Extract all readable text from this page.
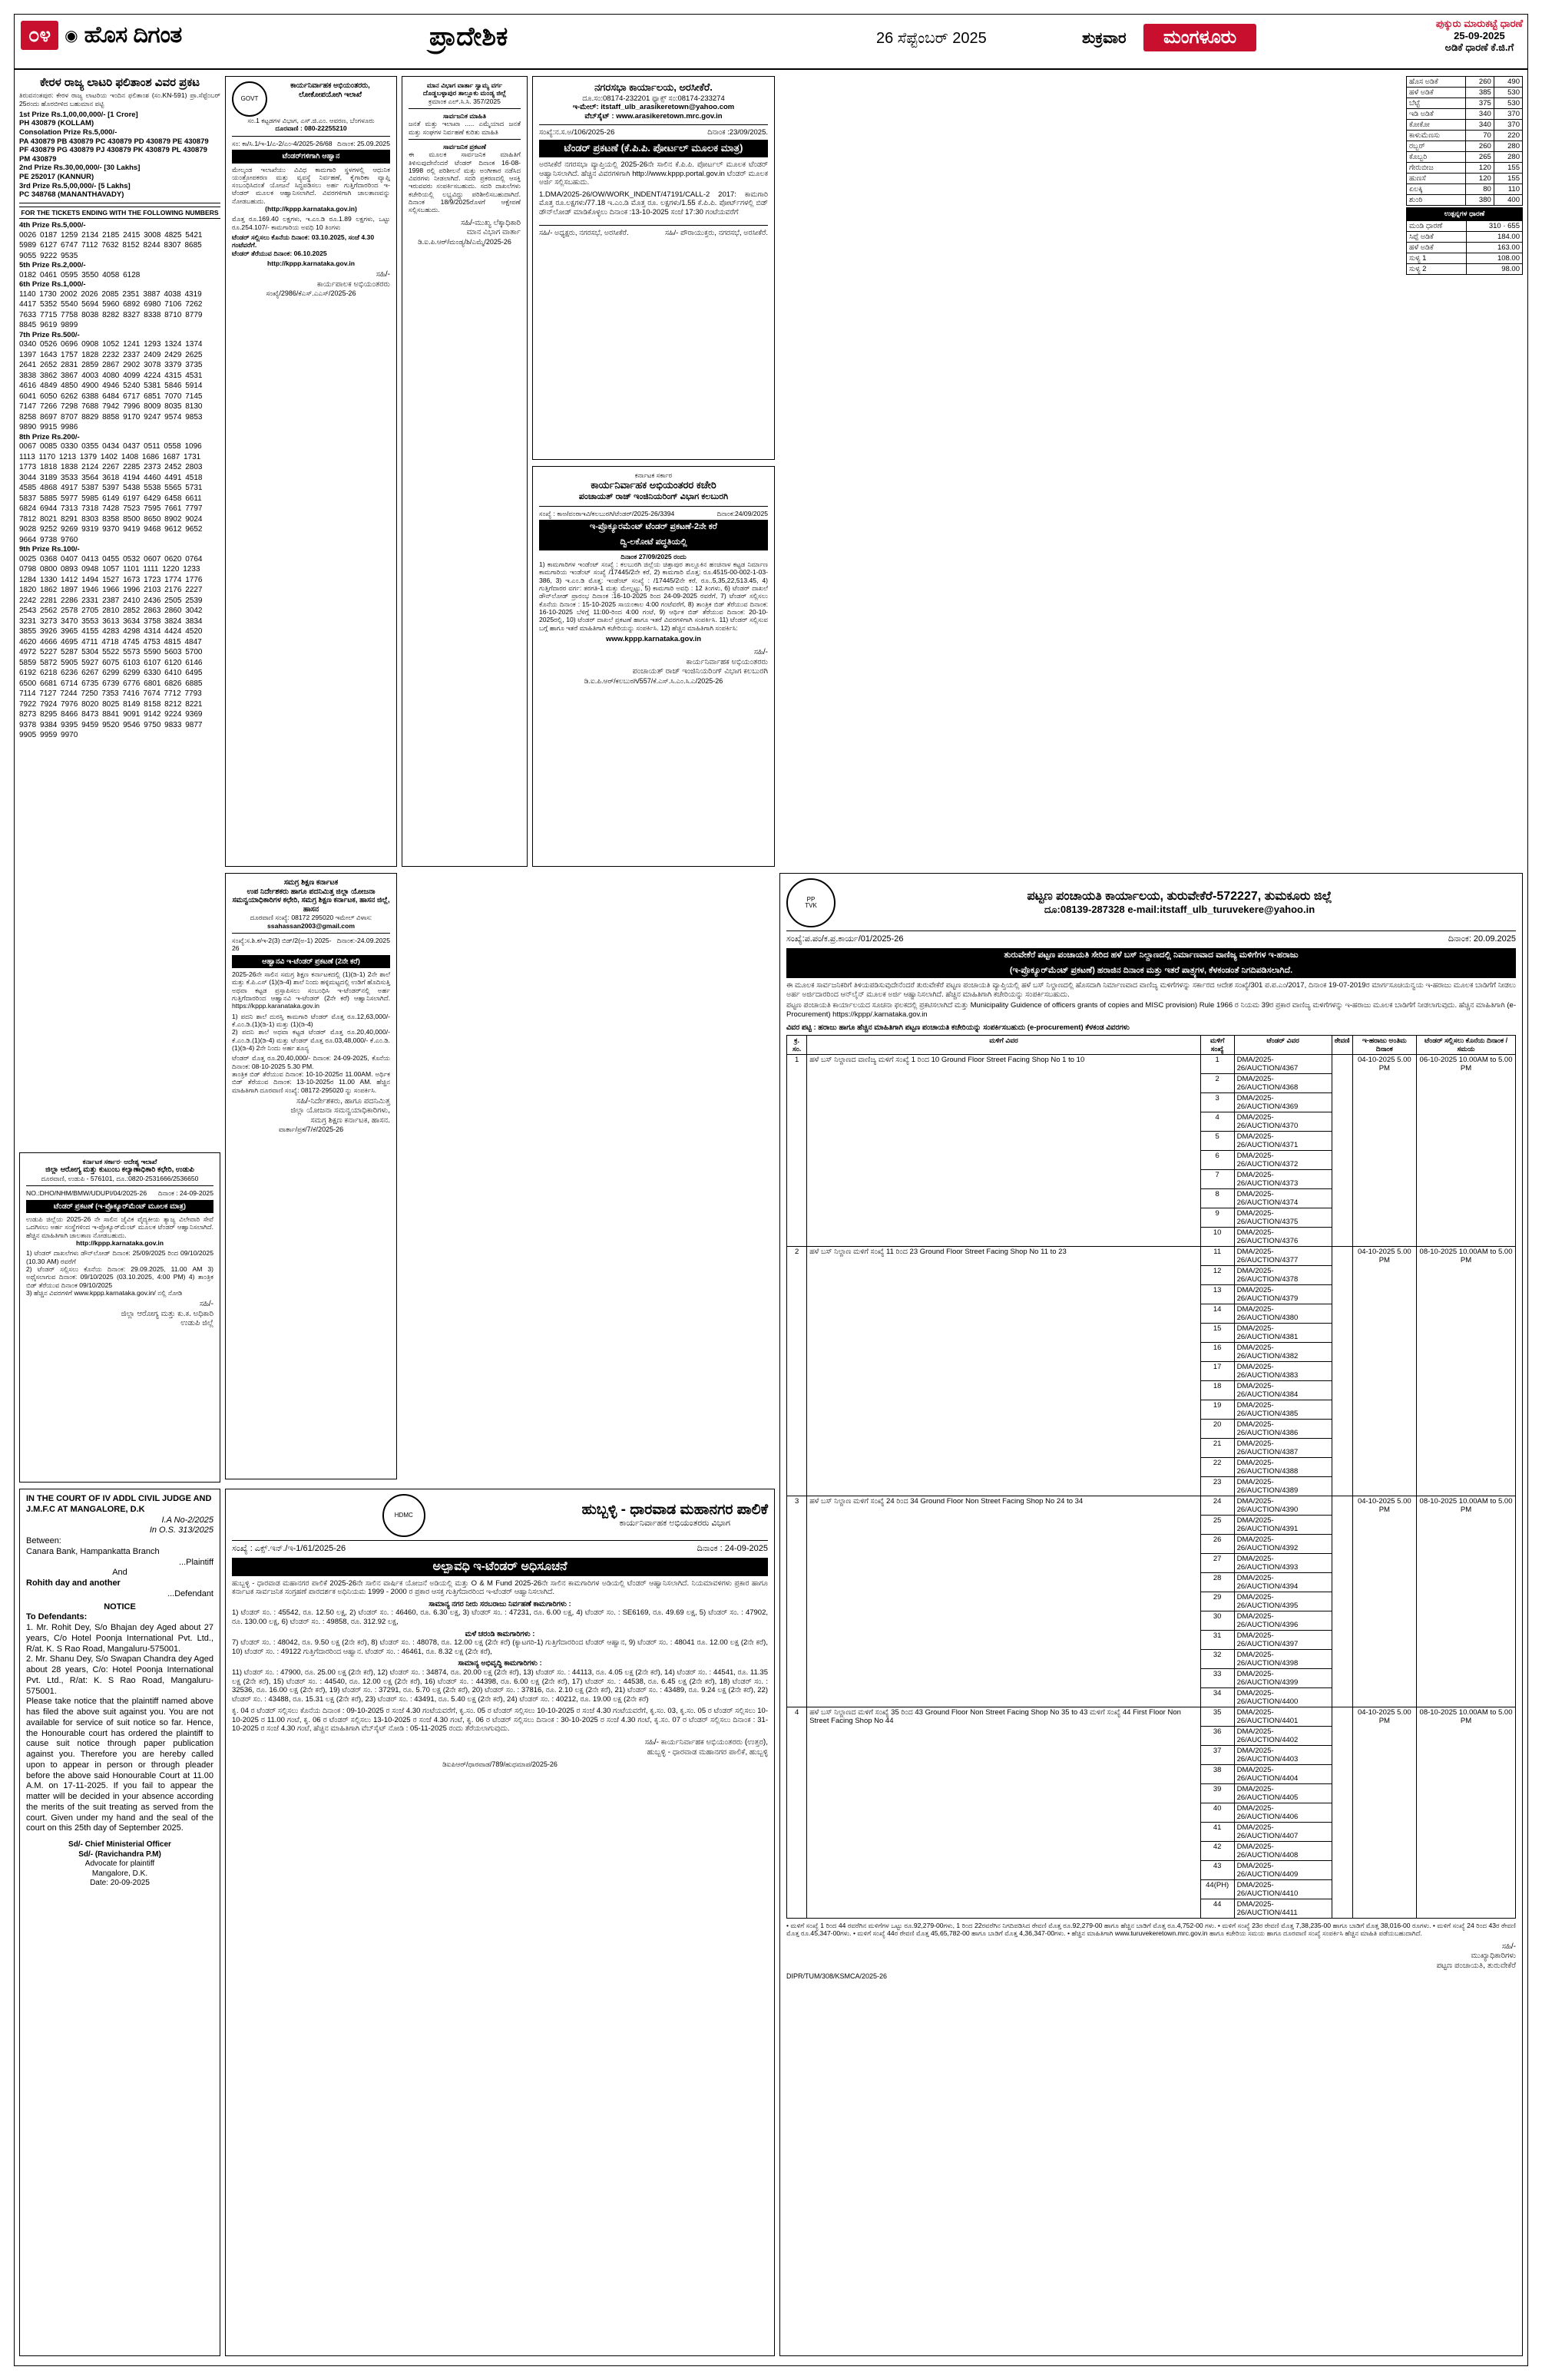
೦೪ ◉ ಹೊಸ ದಿಗಂತ	ಪ್ರಾದೇಶಿಕ	26 ಸೆಪ್ಟೆಂಬರ್ 2025	ಶುಕ್ರವಾರ	ಮಂಗಳೂರು
ಪುಕ್ಕುರು ಮಾರುಕಟ್ಟೆ ಧಾರಣೆ
25-09-2025
ಅಡಿಕೆ ಧಾರಣೆ ಕೆ.ಜಿ.ಗೆ
ಹೊಸ ಅಡಿಕೆ	260	490
ಹಳೆ ಅಡಿಕೆ	385	530
ಬೆಟ್ಟೆ	375	530
ಇಡಿ ಅಡಿಕೆ	340	370
ಕೋಕೋ	340	370
ಕಾಳುಮೆಣಸು	70	220
ರಬ್ಬರ್	260	280
ಕೊಬ್ಬರಿ	265	280
ಗೇರುಬೀಜ	120	155
ಹುಣಸೆ	120	155
ಏಲಕ್ಕಿ	80	110
ಶುಂಠಿ	380	400
ಉತ್ಪನ್ನಗಳ ಧಾರಣೆ
ಮಂಡಿ ಧಾರಣೆ	310 · 655
ಸಿಪ್ಪೆ ಅಡಿಕೆ	184.00
ಹಳೆ ಅಡಿಕೆ	163.00
ಸುಳ್ಯ 1	108.00
ಸುಳ್ಯ 2	98.00
ಕೇರಳ ರಾಜ್ಯ ಲಾಟರಿ ಫಲಿತಾಂಶ ವಿವರ ಪ್ರಕಟ
ತಿರುವನಂತಪುರ: ಕೇರಳ ರಾಜ್ಯ ಲಾಟರಿಯ ಇಂದಿನ ಫಲಿತಾಂಶ (ಸಂ.KN-591) ಪ್ರಾ.ಸೆಪ್ಟೆಂಬರ್ 25ರಂದು ಹೊರಬೀಳಿದ ಬಹುಮಾನ ಪಟ್ಟಿ
1st Prize Rs.1,00,00,000/- [1 Crore]
PH 430879 (KOLLAM)
Consolation Prize Rs.5,000/-
PA 430879 PB 430879 PC 430879 PD 430879 PE 430879
PF 430879 PG 430879 PJ 430879 PK 430879 PL 430879
PM 430879
2nd Prize Rs.30,00,000/- [30 Lakhs]
PE 252017 (KANNUR)
3rd Prize Rs.5,00,000/- [5 Lakhs]
PC 348768 (MANANTHAVADY)
FOR THE TICKETS ENDING WITH THE FOLLOWING NUMBERS
4th Prize Rs.5,000/-
0026 0187 1259 2134 2185 2415 3008 4825 5421 5989 6127 6747 7112 7632 8152 8244 8307 8685 9055 9222 9535
5th Prize Rs.2,000/-
0182 0461 0595 3550 4058 6128
6th Prize Rs.1,000/-
1140 1730 2002 2026 2085 2351 3887 4038 4319 4417 5352 5540 5694 5960 6892 6980 7106 7262 7633 7715 7758 8038 8282 8327 8338 8710 8779 8845 9619 9899
7th Prize Rs.500/-
0340 0526 0696 0908 1052 1241 1293 1324 1374 1397 1643 1757 1828 2232 2337 2409 2429 2625 2641 2652 2831 2859 2867 2902 3078 3379 3735 3838 3862 3867 4003 4080 4099 4224 4315 4531 4616 4849 4850 4900 4946 5240 5381 5846 5914 6041 6050 6262 6388 6484 6717 6851 7070 7145 7147 7266 7298 7688 7942 7996 8009 8035 8130 8258 8697 8707 8829 8858 9170 9247 9574 9853 9890 9915 9986
8th Prize Rs.200/-
0067 0085 0330 0355 0434 0437 0511 0558 1096 1113 1170 1213 1379 1402 1408 1686 1687 1731 1773 1818 1838 2124 2267 2285 2373 2452 2803 3044 3189 3533 3564 3618 4194 4460 4491 4518 4585 4868 4917 5387 5397 5438 5538 5565 5731 5837 5885 5977 5985 6149 6197 6429 6458 6611 6824 6944 7313 7318 7428 7523 7595 7661 7797 7812 8021 8291 8303 8358 8500 8650 8902 9024 9028 9252 9269 9319 9370 9419 9468 9612 9652 9664 9738 9760
9th Prize Rs.100/-
0025 0368 0407 0413 0455 0532 0607 0620 0764 0798 0800 0893 0948 1057 1101 1111 1220 1233 1284 1330 1412 1494 1527 1673 1723 1774 1776 1820 1862 1897 1946 1966 1996 2103 2176 2227 2242 2281 2286 2331 2387 2410 2436 2505 2539 2543 2562 2578 2705 2810 2852 2863 2860 3042 3231 3273 3470 3553 3613 3634 3758 3824 3834 3855 3926 3965 4155 4283 4298 4314 4424 4520 4620 4666 4695 4711 4718 4745 4753 4815 4847 4972 5227 5287 5304 5522 5573 5590 5603 5700 5859 5872 5905 5927 6075 6103 6107 6120 6146 6192 6218 6236 6267 6299 6299 6330 6410 6495 6500 6681 6714 6735 6739 6776 6801 6826 6885 7114 7127 7244 7250 7353 7416 7674 7712 7793 7922 7924 7976 8020 8025 8149 8158 8212 8221 8273 8295 8466 8473 8841 9091 9142 9224 9369 9378 9384 9395 9459 9520 9546 9750 9833 9877 9905 9959 9970
ಕರ್ನಾಟಕ ಸರ್ಕಾರ· ಆದೇಶ್ಯ ಇಲಾಖೆ
ಜಿಲ್ಲಾ ಆರೋಗ್ಯ ಮತ್ತು ಕುಟುಂಬ ಕಲ್ಯಾಣಾಧಿಕಾರಿ ಕಛೇರಿ, ಉಡುಪಿ
ದೂರವಾಣಿ, ಉಡುಪಿ - 576101, ದೂ.:0820-2531666/2536650
NO.:DHO/NHM/BMW/UDUPI/04/2025-26 ದಿನಾಂಕ : 24-09-2025
ಟೆಂಡರ್ ಪ್ರಕಟಣೆ (ಇ-ಪ್ರೊಕ್ಯೂರ್‌ಮೆಂಟ್ ಮೂಲಕ ಮಾತ್ರ)
ಉಡುಪಿ ಜಿಲ್ಲೆಯ 2025-26 ನೇ ಸಾಲಿನ ಜೈವಿಕ ವೈದ್ಯಕೀಯ ತ್ಯಾಜ್ಯ ವಿಲೇವಾರಿ ಸೇವೆ ಒದಗಿಸಲು ಅರ್ಹ ಸಂಸ್ಥೆಗಳಿಂದ ಇ-ಪ್ರೊಕ್ಯೂರ್‌ಮೆಂಟ್ ಮೂಲಕ ಟೆಂಡರ್ ಆಹ್ವಾನಿಸಲಾಗಿದೆ. ಹೆಚ್ಚಿನ ಮಾಹಿತಿಗಾಗಿ ಜಾಲತಾಣ ನೋಡಬಹುದು.
http://kppp.karnataka.gov.in
1) ಟೆಂಡರ್ ದಾಖಲೆಗಳು ಡೌನ್‌ಲೋಡ್ ದಿನಾಂಕ: 25/09/2025 ರಿಂದ 09/10/2025 (10.30 AM) ರವರೆಗೆ
2) ಟೆಂಡರ್ ಸಲ್ಲಿಸಲು ಕೊನೆಯ ದಿನಾಂಕ: 29.09.2025, 11.00 AM 3) ಅಥೈಸಲಾಗುವ ದಿನಾಂಕ: 09/10/2025 (03.10.2025, 4:00 PM) 4) ತಾಂತ್ರಿಕ ಬಿಡ್ ತೆರೆಯುವ ದಿನಾಂಕ 09/10/2025
3) ಹೆಚ್ಚಿನ ವಿವರಗಳಿಗೆ www.kppp.karnataka.gov.in/ ನಲ್ಲಿ ನೋಡಿ
ಸಹಿ/-
ಜಿಲ್ಲಾ ಆರೋಗ್ಯ ಮತ್ತು ಕು.ಕ. ಅಧಿಕಾರಿ
ಉಡುಪಿ ಜಿಲ್ಲೆ
IN THE COURT OF IV ADDL CIVIL JUDGE AND J.M.F.C AT MANGALORE, D.K
I.A No-2/2025
In O.S. 313/2025
Between:
Canara Bank, Hampankatta Branch
...Plaintiff
And
Rohith day and another
...Defendant
NOTICE
To Defendants:
1. Mr. Rohit Dey, S/o Bhajan dey Aged about 27 years, C/o Hotel Poonja International Pvt. Ltd., R/at. K. S Rao Road, Mangaluru-575001.
2. Mr. Shanu Dey, S/o Swapan Chandra dey Aged about 28 years, C/o: Hotel Poonja International Pvt. Ltd., R/at: K. S Rao Road, Mangaluru-575001.
Please take notice that the plaintiff named above has filed the above suit against you. You are not available for service of suit notice so far. Hence, the Honourable court has ordered the plaintiff to cause suit notice through paper publication against you. Therefore you are hereby called upon to appear in person or through pleader before the above said Honourable Court at 11.00 A.M. on 17-11-2025. If you fail to appear the matter will be decided in your absence according the merits of the suit treating as served from the court. Given under my hand and the seal of the court on this 25th day of September 2025.
Sd/- Chief Ministerial Officer
Sd/- (Ravichandra P.M)
Advocate for plaintiff
Mangalore, D.K.
Date: 20-09-2025
GOVT
ಕಾರ್ಯನಿರ್ವಾಹಕ ಅಭಿಯಂತರರು,
ಲೋಕೋಪಯೋಗಿ ಇಲಾಖೆ
ಸಂ.1 ಕಟ್ಟಡಗಳ ವಿಭಾಗ, ಎಸ್.ಜಿ.ಎಂ. ಆವರಣ, ಬೆಂಗಳೂರು
ದೂರವಾಣಿ : 080-22255210
ಸಂ: ಕಾ/ಸಿ.1/ಇ-1/ಎ-2/ಎಂ-4/2025-26/68 ದಿನಾಂಕ: 25.09.2025
ಟೆಂಡರ್‌ಗಳಿಗಾಗಿ ಆಹ್ವಾನ
ಮೇಲ್ಕಂಡ ಇಲಾಖೆಯು ವಿವಿಧ ಕಾಮಗಾರಿ ಸ್ಥಳಗಳಲ್ಲಿ ಆಧುನಿಕ ಯಂತ್ರೋಪಕರಣ ಮತ್ತು ವ್ಯವಸ್ಥೆ ನಿರ್ವಹಣೆ, ಕೈಗಾರಿಕಾ ವ್ಯಾಪ್ತಿ ಸಂಬಂಧಿಸಿದಂತೆ ಯೋಜನೆ ಸಿದ್ಧಪಡಿಸಲು ಅರ್ಹ ಗುತ್ತಿಗೆದಾರರಿಂದ ಇ-ಟೆಂಡರ್ ಮೂಲಕ ಆಹ್ವಾನಿಸಲಾಗಿದೆ. ವಿವರಗಳಿಗಾಗಿ ಜಾಲತಾಣವನ್ನು ನೋಡಬಹುದು.
(http://kppp.karnataka.gov.in)
ಮೊತ್ತ ರೂ.169.40 ಲಕ್ಷಗಳು, ಇ.ಎಂ.ಡಿ ರೂ.1.89 ಲಕ್ಷಗಳು, ಒಟ್ಟು ರೂ.254.107/- ಕಾಮಗಾರಿಯ ಅವಧಿ 10 ತಿಂಗಳು
ಟೆಂಡರ್ ಸಲ್ಲಿಸಲು ಕೊನೆಯ ದಿನಾಂಕ: 03.10.2025, ಸಂಜೆ 4.30 ಗಂಟೆವರೆಗೆ.
ಟೆಂಡರ್ ತೆರೆಯುವ ದಿನಾಂಕ: 06.10.2025
http://kppp.karnataka.gov.in
ಸಹಿ/-
ಕಾರ್ಯಪಾಲಕ ಅಭಿಯಂತರರು
ಸಂಖ್ಯೆ/2986/ಕೆಎಸ್.ಎಎಸ್/2025-26
ಸಮಗ್ರ ಶಿಕ್ಷಣ ಕರ್ನಾಟಕ
ಉಪ ನಿರ್ದೇಶಕರು ಹಾಗೂ ಪದನಿಮಿತ್ತ ಜಿಲ್ಲಾ ಯೋಜನಾ ಸಮನ್ವಯಾಧಿಕಾರಿಗಳ ಕಛೇರಿ, ಸಮಗ್ರ ಶಿಕ್ಷಣ ಕರ್ನಾಟಕ, ಹಾಸನ ಜಿಲ್ಲೆ, ಹಾಸನ
ದೂರವಾಣಿ ಸಂಖ್ಯೆ: 08172 295020 ಇಮೇಲ್ ವಿಳಾಸ:
ssahassan2003@gmail.com
ಸಂಖ್ಯೆ:ಸ.ಶಿ.ಕ/ಇ-2(3) ಬಿಡ್‌/2(ಅ-1) 2025-26
ದಿನಾಂಕ:-24.09.2025
ಆಹ್ವಾನವಿ ಇ-ಟೆಂಡರ್ ಪ್ರಕಟಣೆ (2ನೇ ಕರೆ)
2025-26ನೇ ಸಾಲಿನ ಸಮಗ್ರ ಶಿಕ್ಷಣ ಕರ್ನಾಟಕದಲ್ಲಿ (1)(ಡಿ-1) 2ನೇ ಶಾಲೆ ಮತ್ತು ಕೆ.ಪಿ.ಎಸ್ (1)(ಡಿ-4) ಶಾಲೆ ನಿಂದು ಹಳ್ಳಿಮಟ್ಟದಲ್ಲಿ ಉಡಿಗೆ ಹೊದಿಸುತ್ತಿ ಅಥವಾ ಕಟ್ಟಡ ಪ್ರಸ್ತಾಪಿಸಲು ಸಂಬಂಧಿಸಿ ಇ-ಟೆಂಡರ್‌ನಲ್ಲಿ ಅರ್ಹ ಗುತ್ತಿಗೆದಾರರಿಂದ ಆಹ್ವಾನವಿ ಇ-ಟೆಂಡರ್ (2ನೇ ಕರೆ) ಆಹ್ವಾನಿಸಲಾಗಿದೆ. https://kppp.karanataka.gov.in
1) ಪದನಿ ಶಾಲೆ ದುರಸ್ತಿ ಕಾಮಗಾರಿ ಟೆಂಡರ್ ಮೊತ್ತ ರೂ.12,63,000/- ಕೆ.ಎಂ.ಡಿ.(1)(ಡಿ-1) ಮತ್ತು (1)(ಡಿ-4)
2) ಪದನಿ ಶಾಲೆ ಅಥವಾ ಕಟ್ಟಡ ಟೆಂಡರ್ ಮೊತ್ತ ರೂ.20,40,000/- ಕೆ.ಎಂ.ಡಿ.(1)(ಡಿ-4) ಮತ್ತು ಟೆಂಡರ್ ಮೊತ್ತ ರೂ.03,48,000/- ಕೆ.ಎಂ.ಡಿ.(1)(ಡಿ-4) 2ನೇ ನಿಂದು ಅರ್ಹ ಶೂನ್ಯ
ಟೆಂಡರ್ ಮೊತ್ತ ರೂ.20,40,000/- ದಿನಾಂಕ: 24-09-2025, ಕೊನೆಯ ದಿನಾಂಕ: 08-10-2025 5.30 PM.
ತಾಂತ್ರಿಕ ಬಿಡ್ ತೆರೆಯುವ ದಿನಾಂಕ: 10-10-2025ರ 11.00AM. ಅರ್ಥಿಕ ಬಿಡ್ ತೆರೆಯುವ ದಿನಾಂಕ: 13-10-2025ರ 11.00 AM. ಹೆಚ್ಚಿನ ಮಾಹಿತಿಗಾಗಿ ದೂರವಾಣಿ ಸಂಖ್ಯೆ: 08172-295020 ನ್ನು ಸಂಪರ್ಕಿಸಿ.
ಸಹಿ/-ನಿರ್ದೇಶಕರು, ಹಾಗೂ ಪದನಿಮಿತ್ತ
ಜಿಲ್ಲಾ ಯೋಜನಾ ಸಮನ್ವಯಾಧಿಕಾರಿಗಳು,
ಸಮಗ್ರ ಶಿಕ್ಷಣ ಕರ್ನಾಟಕ, ಹಾಸನ.
ವಾರ್ತಾ/ಪ್ರಕ/7/ಕೆ/2025-26
HDMC	ಹುಬ್ಬಳ್ಳಿ - ಧಾರವಾಡ ಮಹಾನಗರ ಪಾಲಿಕೆ
ಕಾರ್ಯನಿರ್ವಾಹಕ ಅಭಿಯಂತರರು ವಿಭಾಗ
ಸಂಖ್ಯೆ : ಎಕ್ಸ್.ಇನ್./ಇ-1/61/2025-26	ದಿನಾಂಕ : 24-09-2025
ಅಲ್ಪಾವಧಿ ಇ-ಟೆಂಡರ್ ಅಧಿಸೂಚನೆ
ಹುಬ್ಬಳ್ಳಿ - ಧಾರವಾಡ ಮಹಾನಗರ ಪಾಲಿಕೆ 2025-26ನೇ ಸಾಲಿನ ವಾರ್ಷಿಕ ಯೋಜನೆ ಅಡಿಯಲ್ಲಿ ಮತ್ತು O & M Fund 2025-26ನೇ ಸಾಲಿನ ಕಾಮಗಾರಿಗಳ ಅಡಿಯಲ್ಲಿ ಟೆಂಡರ್ ಆಹ್ವಾನಿಸಲಾಗಿದೆ. ನಿಯಮಾವಳಿಗಳು ಪ್ರಕಾರ ಹಾಗೂ ಕರ್ನಾಟಕ ಸಾರ್ವಜನಿಕ ಸಂಗ್ರಹಣೆ ಪಾರದರ್ಶಕ ಅಧಿನಿಯಮ 1999 - 2000 ರ ಪ್ರಕಾರ ಆಸಕ್ತ ಗುತ್ತಿಗೆದಾರರಿಂದ ಇ-ಟೆಂಡರ್ ಆಹ್ವಾನಿಸಲಾಗಿದೆ.
ಸಾಮಾನ್ಯ ನಗರ ನೀರು ಸರಬರಾಜು ನಿರ್ವಹಣೆ ಕಾಮಗಾರಿಗಳು :
1) ಟೆಂಡರ್ ಸಂ. : 45542, ರೂ. 12.50 ಲಕ್ಷ, 2) ಟೆಂಡರ್ ಸಂ. : 46460, ರೂ. 6.30 ಲಕ್ಷ, 3) ಟೆಂಡರ್ ಸಂ. : 47231, ರೂ. 6.00 ಲಕ್ಷ, 4) ಟೆಂಡರ್ ಸಂ. : SE6169, ರೂ. 49.69 ಲಕ್ಷ, 5) ಟೆಂಡರ್ ಸಂ. : 47902, ರೂ. 130.00 ಲಕ್ಷ, 6) ಟೆಂಡರ್ ಸಂ. : 49858, ರೂ. 312.92 ಲಕ್ಷ,
ಮಳೆ ಚರಂಡಿ ಕಾಮಗಾರಿಗಳು :
7) ಟೆಂಡರ್ ಸಂ. : 48042, ರೂ. 9.50 ಲಕ್ಷ (2ನೇ ಕರೆ), 8) ಟೆಂಡರ್ ಸಂ. : 48078, ರೂ. 12.00 ಲಕ್ಷ (2ನೇ ಕರೆ) (ಕ್ಯಾಟಗರಿ-1) ಗುತ್ತಿಗೆದಾರರಿಂದ ಟೆಂಡರ್ ಆಹ್ವಾನ, 9) ಟೆಂಡರ್ ಸಂ. : 48041 ರೂ. 12.00 ಲಕ್ಷ (2ನೇ ಕರೆ), 10) ಟೆಂಡರ್ ಸಂ. : 49122 ಗುತ್ತಿಗೆದಾರರಿಂದ ಆಹ್ವಾನ. ಟೆಂಡರ್ ಸಂ. : 46461, ರೂ. 8.32 ಲಕ್ಷ (2ನೇ ಕರೆ),
ಸಾಮಾನ್ಯ ಅಭಿವೃದ್ಧಿ ಕಾಮಗಾರಿಗಳು :
11) ಟೆಂಡರ್ ಸಂ. : 47900, ರೂ. 25.00 ಲಕ್ಷ (2ನೇ ಕರೆ), 12) ಟೆಂಡರ್ ಸಂ. : 34874, ರೂ. 20.00 ಲಕ್ಷ (2ನೇ ಕರೆ), 13) ಟೆಂಡರ್ ಸಂ. : 44113, ರೂ. 4.05 ಲಕ್ಷ (2ನೇ ಕರೆ), 14) ಟೆಂಡರ್ ಸಂ. : 44541, ರೂ. 11.35 ಲಕ್ಷ (2ನೇ ಕರೆ), 15) ಟೆಂಡರ್ ಸಂ. : 44540, ರೂ. 12.00 ಲಕ್ಷ (2ನೇ ಕರೆ), 16) ಟೆಂಡರ್ ಸಂ. : 44398, ರೂ. 6.00 ಲಕ್ಷ (2ನೇ ಕರೆ), 17) ಟೆಂಡರ್ ಸಂ. : 44538, ರೂ. 6.45 ಲಕ್ಷ (2ನೇ ಕರೆ), 18) ಟೆಂಡರ್ ಸಂ. : 32536, ರೂ. 16.00 ಲಕ್ಷ (2ನೇ ಕರೆ), 19) ಟೆಂಡರ್ ಸಂ. : 37291, ರೂ. 5.70 ಲಕ್ಷ (2ನೇ ಕರೆ), 20) ಟೆಂಡರ್ ಸಂ. : 37816, ರೂ. 2.10 ಲಕ್ಷ (2ನೇ ಕರೆ), 21) ಟೆಂಡರ್ ಸಂ. : 43489, ರೂ. 9.24 ಲಕ್ಷ (2ನೇ ಕರೆ), 22) ಟೆಂಡರ್ ಸಂ. : 43488, ರೂ. 15.31 ಲಕ್ಷ (2ನೇ ಕರೆ), 23) ಟೆಂಡರ್ ಸಂ. : 43491, ರೂ. 5.40 ಲಕ್ಷ (2ನೇ ಕರೆ), 24) ಟೆಂಡರ್ ಸಂ. : 40212, ರೂ. 19.00 ಲಕ್ಷ (2ನೇ ಕರೆ)
ಕೃ. 04 ರ ಟೆಂಡರ್ ಸಲ್ಲಿಸಲು ಕೊನೆಯ ದಿನಾಂಕ : 09-10-2025 ರ ಸಂಜೆ 4.30 ಗಂಟೆಯವರೆಗೆ, ಕೃ.ಸಂ. 05 ರ ಟೆಂಡರ್ ಸಲ್ಲಿಸಲು 10-10-2025 ರ ಸಂಜೆ 4.30 ಗಂಟೆಯವರೆಗೆ, ಕೃ.ಸಂ. 03, ಕೃ.ಸಂ. 05 ರ ಟೆಂಡರ್ ಸಲ್ಲಿಸಲು 10-10-2025 ರ 11.00 ಗಂಟೆ, ಕೃ. 06 ರ ಟೆಂಡರ್ ಸಲ್ಲಿಸಲು 13-10-2025 ರ ಸಂಜೆ 4.30 ಗಂಟೆ, ಕೃ. 06 ರ ಟೆಂಡರ್ ಸಲ್ಲಿಸಲು ದಿನಾಂಕ : 30-10-2025 ರ ಸಂಜೆ 4.30 ಗಂಟೆ, ಕೃ.ಸಂ. 07 ರ ಟೆಂಡರ್ ಸಲ್ಲಿಸಲು ದಿನಾಂಕ : 31-10-2025 ರ ಸಂಜೆ 4.30 ಗಂಟೆ, ಹೆಚ್ಚಿನ ಮಾಹಿತಿಗಾಗಿ ವೆಬ್‌ಸೈಟ್ ನೋಡಿ : 05-11-2025 ರಂದು ತೆರೆಯಲಾಗುವುದು.
ಸಹಿ/- ಕಾರ್ಯನಿರ್ವಾಹಕ ಅಭಿಯಂತರರು (ಉತ್ತರ),
ಹುಬ್ಬಳ್ಳಿ - ಧಾರವಾಡ ಮಹಾನಗರ ಪಾಲಿಕೆ, ಹುಬ್ಬಳ್ಳಿ
ಡಿಐಪಿಆರ್/ಧಾರವಾಡ/789/ಹುಧಮಾಪ/2025-26
ಮಾನ ವಿಭಾಗ ವಾರ್ತಾ ಸ್ವಾಮ್ಯ ವರ್ಗ
ದೊಡ್ಡಬಳ್ಳಾಪುರ ತಾಲ್ಲೂಕು ಮಂಡ್ಯ ಜಿಲ್ಲೆ
ಕ್ರಮಾಂಕ ಎಲ್.ಸಿ.ಸಿ. 357/2025
ಸಾರ್ವಜನಿಕ ಮಾಹಿತಿ
ಜನತೆ ಮತ್ತು ಇಲಾಖಾ ..... ಎಮ್ಮೆಯಾದ ಜನತೆ ಮತ್ತು ಸಂಘಗಳ ನಿರ್ವಹಣೆ ಕುರಿತು ಮಾಹಿತಿ
ಸಾರ್ವಜನಿಕ ಪ್ರಕಟಣೆ
ಈ ಮೂಲಕ ಸಾರ್ವಜನಿಕ ಮಾಹಿತಿಗೆ ತಿಳಿಸುವುದೇನೆಂದರೆ ಟೆಂಡರ್ ದಿನಾಂಕ 16-08-1998 ರಲ್ಲಿ ಪರಿಶೀಲನೆ ಮತ್ತು ಅಂಗೀಕಾರ ನಡೆಸಿದ ವಿವರಗಳು ನೀಡಲಾಗಿದೆ. ಸದರಿ ಪ್ರಕರಣದಲ್ಲಿ ಆಸಕ್ತಿ ಇರುವವರು ಸಂಪರ್ಕಿಸಬಹುದು. ಸದರಿ ದಾಖಲೆಗಳು ಕಚೇರಿಯಲ್ಲಿ ಲಭ್ಯವಿದ್ದು ಪರಿಶೀಲಿಸಬಹುದಾಗಿದೆ. ದಿನಾಂಕ 18/9/2025ರೊಳಗೆ ಆಕ್ಷೇಪಣೆ ಸಲ್ಲಿಸಬಹುದು.
ಸಹಿ/-ಮುಖ್ಯ ಲೆಕ್ಕಾಧಿಕಾರಿ
ಮಾನ ವಿಭಾಗ ವಾರ್ತಾ
ಡಿ.ಐ.ಪಿ.ಆರ್/ಮಂಡ್ಯ/ಶಿ/ಎಮ್ಮೆ/2025-26
ನಗರಸಭಾ ಕಾರ್ಯಾಲಯ, ಅರಸೀಕೆರೆ.
ದೂ.ಸಂ:08174-232201 ಫ್ಯಾಕ್ಸ್ ಸಂ:08174-233274
ಇ-ಮೇಲ್: itstaff_ulb_arasikeretown@yahoo.com
ವೆಬ್‌ಸೈಟ್ : www.arasikeretown.mrc.gov.in
ಸಂಖ್ಯೆ:ನ.ಸ.ಅ/106/2025-26	ದಿನಾಂಕ :23/09/2025.
ಟೆಂಡರ್ ಪ್ರಕಟಣೆ (ಕೆ.ಪಿ.ಪಿ. ಪೋರ್ಟಲ್ ಮೂಲಕ ಮಾತ್ರ)
ಅರಸೀಕೆರೆ ನಗರಸಭಾ ವ್ಯಾಪ್ತಿಯಲ್ಲಿ 2025-26ನೇ ಸಾಲಿನ ಕೆ.ಪಿ.ಪಿ. ಪೋರ್ಟಲ್ ಮೂಲಕ ಟೆಂಡರ್ ಆಹ್ವಾನಿಸಲಾಗಿದೆ. ಹೆಚ್ಚಿನ ವಿವರಗಳಿಗಾಗಿ http://www.kppp.portal.gov.in ಟೆಂಡರ್ ಮೂಲಕ ಅರ್ಜಿ ಸಲ್ಲಿಸಬಹುದು.
1.DMA/2025-26/OW/WORK_INDENT/47191/CALL-2 2017: ಕಾಮಗಾರಿ ಮೊತ್ತ ರೂ.ಲಕ್ಷಗಳು/77.18 ಇ.ಎಂ.ಡಿ ಮೊತ್ತ ರೂ. ಲಕ್ಷಗಳು/1.55 ಕೆ.ಪಿ.ಪಿ. ಪೋರ್ಟ್‌ಗಳಲ್ಲಿ ಬಿಡ್ ಡೌನ್‌ಲೋಡ್ ಮಾಡಿಕೊಳ್ಳಲು ದಿನಾಂಕ :13-10-2025 ಸಂಜೆ 17:30 ಗಂಟೆಯವರೆಗೆ
ಸಹಿ/- ಅಧ್ಯಕ್ಷರು, ನಗರಸಭೆ, ಅರಸೀಕೆರೆ.	ಸಹಿ/- ಪೌರಾಯುಕ್ತರು, ನಗರಸಭೆ, ಅರಸೀಕೆರೆ.
ಕರ್ನಾಟಕ ಸರ್ಕಾರ
ಕಾರ್ಯನಿರ್ವಾಹಕ ಅಭಿಯಂತರರ ಕಚೇರಿ
ಪಂಚಾಯತ್ ರಾಜ್ ಇಂಜಿನಿಯರಿಂಗ್ ವಿಭಾಗ ಕಲಬುರಗಿ
ಸಂಖ್ಯೆ : ಕಾಅ/ಪಂರಾಇವಿ/ಕಲಬುರಗಿ/ಟೆಂಡರ್/2025-26/3394	ದಿನಾಂಕ:24/09/2025
ಇ-ಪ್ರೊಕ್ಯೂರಮೆಂಟ್ ಟೆಂಡರ್ ಪ್ರಕಟಣೆ-2ನೇ ಕರೆ
ದ್ವಿ-ಲಕೋಟೆ ಪದ್ಧತಿಯಲ್ಲಿ
ದಿನಾಂಕ 27/09/2025 ರಂದು
1) ಕಾಮಗಾರಿಗಳ ಇಂಡೆಂಟ್ ಸಂಖ್ಯೆ : ಕಲಬುರಗಿ ಜಿಲ್ಲೆಯ ಚಿತ್ತಾಪುರ ತಾಲ್ಲೂಕಿನ ಹಂಚಿನಾಳ ಕಟ್ಟಡ ನಿರ್ಮಾಣ ಕಾಮಗಾರಿಯ ಇಂಡೆಂಟ್ ಸಂಖ್ಯೆ /17445/2ನೇ ಕರೆ, 2) ಕಾಮಗಾರಿ ಮೊತ್ತ: ರೂ.4515-00-002-1-03-386, 3) ಇ.ಎಂ.ಡಿ ಮೊತ್ತ: ಇಂಡೆಂಟ್ ಸಂಖ್ಯೆ : /17445/2ನೇ ಕರೆ, ರೂ..5,35,22,513.45, 4) ಗುತ್ತಿಗೆದಾರರ ವರ್ಗ: ತರಗತಿ-1 ಮತ್ತು ಮೇಲ್ಪಟ್ಟು, 5) ಕಾಮಗಾರಿ ಅವಧಿ : 12 ತಿಂಗಳು, 6) ಟೆಂಡರ್ ದಾಖಲೆ ಡೌನ್‌ಲೋಡ್ ಪ್ರಾರಂಭ ದಿನಾಂಕ :16-10-2025 ರಿಂದ 24-09-2025 ರವರೆಗೆ, 7) ಟೆಂಡರ್ ಸಲ್ಲಿಸಲು ಕೊನೆಯ ದಿನಾಂಕ : 15-10-2025 ಸಾಯಂಕಾಲ 4:00 ಗಂಟೆವರೆಗೆ, 8) ತಾಂತ್ರಿಕ ಬಿಡ್ ತೆರೆಯುವ ದಿನಾಂಕ: 16-10-2025 ಬೆಳಿಗ್ಗೆ 11:00-ರಿಂದ 4:00 ಗಂಟೆ, 9) ಆರ್ಥಿಕ ಬಿಡ್ ತೆರೆಯುವ ದಿನಾಂಕ: 20-10-2025ರಲ್ಲಿ, 10) ಟೆಂಡರ್ ದಾಖಲೆ ಪ್ರಕಟಣೆ ಹಾಗೂ ಇತರೆ ವಿವರಗಳಿಗಾಗಿ ಸಂಪರ್ಕಿಸಿ. 11) ಟೆಂಡರ್ ಸಲ್ಲಿಸುವ ಬಗ್ಗೆ ಹಾಗೂ ಇತರೆ ಮಾಹಿತಿಗಾಗಿ ಕಚೇರಿಯನ್ನು ಸಂಪರ್ಕಿಸಿ. 12) ಹೆಚ್ಚಿನ ಮಾಹಿತಿಗಾಗಿ ಸಂಪರ್ಕಿಸಿ:
www.kppp.karnataka.gov.in
ಸಹಿ/-
ಕಾರ್ಯನಿರ್ವಾಹಕ ಅಭಿಯಂತರರು
ಪಂಚಾಯತ್ ರಾಜ್ ಇಂಜಿನಿಯರಿಂಗ್ ವಿಭಾಗ ಕಲಬುರಗಿ
ಡಿ.ಐ.ಪಿ.ಆರ್/ಕಲಬುರಗಿ/557/ಕೆ.ಎಸ್.ಸಿ.ಎಂ.ಸಿ.ಎ/2025-26
PP
TVK
ಪಟ್ಟಣ ಪಂಚಾಯತಿ ಕಾರ್ಯಾಲಯ, ತುರುವೇಕೆರೆ-572227, ತುಮಕೂರು ಜಿಲ್ಲೆ
ದೂ:08139-287328 e-mail:itstaff_ulb_turuvekere@yahoo.in
ಸಂಖ್ಯೆ:ಪ.ಪಂ/ಕ.ಪ್ರ.ಕಾರ್ಯ/01/2025-26	ದಿನಾಂಕ: 20.09.2025
ತುರುವೇಕೆರೆ ಪಟ್ಟಣ ಪಂಚಾಯತಿ ಸೇರಿದ ಹಳೆ ಬಸ್ ನಿಲ್ದಾಣದಲ್ಲಿ ನಿರ್ಮಾಣವಾದ ವಾಣಿಜ್ಯ ಮಳಿಗೆಗಳ ಇ-ಹರಾಜು
(ಇ-ಪ್ರೊಕ್ಯೂರ್‌ಮೆಂಟ್ ಪ್ರಕಟಣೆ) ಹರಾಜಿನ ದಿನಾಂಕ ಮತ್ತು ಇತರೆ ಪಾತ್ರ್ಯಗಳ, ಕೆಳಕಂಡಂತೆ ನಿಗದಿಪಡಿಸಲಾಗಿದೆ.
ಈ ಮೂಲಕ ಸಾರ್ವಜನಿಕರಿಗೆ ತಿಳಿಯಪಡಿಸುವುದೇನೆಂದರೆ ತುರುವೇಕೆರೆ ಪಟ್ಟಣ ಪಂಚಾಯತಿ ವ್ಯಾಪ್ತಿಯಲ್ಲಿ ಹಳೆ ಬಸ್ ನಿಲ್ದಾಣದಲ್ಲಿ ಹೊಸದಾಗಿ ನಿರ್ಮಾಣವಾದ ವಾಣಿಜ್ಯ ಮಳಿಗೆಗಳನ್ನು ಸರ್ಕಾರದ ಆದೇಶ ಸಂಖ್ಯೆ/301 ಪ.ಪ.ಎಂ/2017, ದಿನಾಂಕ 19-07-2019ರ ಮಾರ್ಗಸೂಚಿಯನ್ವಯ ಇ-ಹರಾಜು ಮೂಲಕ ಬಾಡಿಗೆಗೆ ನೀಡಲು ಅರ್ಹ ಅರ್ಜಿದಾರರಿಂದ ಆನ್‌ಲೈನ್ ಮೂಲಕ ಅರ್ಜಿ ಆಹ್ವಾನಿಸಲಾಗಿದೆ. ಹೆಚ್ಚಿನ ಮಾಹಿತಿಗಾಗಿ ಕಚೇರಿಯನ್ನು ಸಂಪರ್ಕಿಸಬಹುದು.
ಪಟ್ಟಣ ಪಂಚಾಯತಿ ಕಾರ್ಯಾಲಯದ ಸೂಚನಾ ಫಲಕದಲ್ಲಿ ಪ್ರಕಟಿಸಲಾಗಿದೆ ಮತ್ತು Municipality Guidence of officers grants of copies and MISC provision) Rule 1966 ರ ನಿಯಮ 39ರ ಪ್ರಕಾರ ವಾಣಿಜ್ಯ ಮಳಿಗೆಗಳನ್ನು ಇ-ಹರಾಜು ಮೂಲಕ ಬಾಡಿಗೆಗೆ ನೀಡಲಾಗುವುದು. ಹೆಚ್ಚಿನ ಮಾಹಿತಿಗಾಗಿ (e-Procurement) https://kppp/.karnataka.gov.in
ವಿವರ ಪಟ್ಟಿ : ಹರಾಜು ಹಾಗೂ ಹೆಚ್ಚಿನ ಮಾಹಿತಿಗಾಗಿ ಪಟ್ಟಣ ಪಂಚಾಯತಿ ಕಚೇರಿಯನ್ನು ಸಂಪರ್ಕಿಸಬಹುದು (e-procurement) ಕೆಳಕಂಡ ವಿವರಗಳು
ಕ್ರ. ಸಂ.	ಮಳಿಗೆ ವಿವರ	ಮಳಿಗೆ ಸಂಖ್ಯೆ	ಟೆಂಡರ್ ವಿವರ	ಠೇವಣಿ	ಇ-ಹರಾಜು ಅಂತಿಮ ದಿನಾಂಕ	ಟೆಂಡರ್ ಸಲ್ಲಿಸಲು ಕೊನೆಯ ದಿನಾಂಕ / ಸಮಯ
1	ಹಳೆ ಬಸ್ ನಿಲ್ದಾಣದ ವಾಣಿಜ್ಯ ಮಳಿಗೆ ಸಂಖ್ಯೆ 1 ರಿಂದ 10 Ground Floor Street Facing Shop No 1 to 10	1	DMA/2025-26/AUCTION/4367		04-10-2025 5.00 PM	06-10-2025 10.00AM to 5.00 PM
		2	DMA/2025-26/AUCTION/4368			
		3	DMA/2025-26/AUCTION/4369			
		4	DMA/2025-26/AUCTION/4370			
		5	DMA/2025-26/AUCTION/4371			
		6	DMA/2025-26/AUCTION/4372			
		7	DMA/2025-26/AUCTION/4373			
		8	DMA/2025-26/AUCTION/4374			
		9	DMA/2025-26/AUCTION/4375			
		10	DMA/2025-26/AUCTION/4376			
2	ಹಳೆ ಬಸ್ ನಿಲ್ದಾಣ ಮಳಿಗೆ ಸಂಖ್ಯೆ 11 ರಿಂದ 23 Ground Floor Street Facing Shop No 11 to 23	11	DMA/2025-26/AUCTION/4377		04-10-2025 5.00 PM	08-10-2025 10.00AM to 5.00 PM
		12	DMA/2025-26/AUCTION/4378			
		13	DMA/2025-26/AUCTION/4379			
		14	DMA/2025-26/AUCTION/4380			
		15	DMA/2025-26/AUCTION/4381			
		16	DMA/2025-26/AUCTION/4382			
		17	DMA/2025-26/AUCTION/4383			
		18	DMA/2025-26/AUCTION/4384			
		19	DMA/2025-26/AUCTION/4385			
		20	DMA/2025-26/AUCTION/4386			
		21	DMA/2025-26/AUCTION/4387			
		22	DMA/2025-26/AUCTION/4388			
		23	DMA/2025-26/AUCTION/4389			
3	ಹಳೆ ಬಸ್ ನಿಲ್ದಾಣ ಮಳಿಗೆ ಸಂಖ್ಯೆ 24 ರಿಂದ 34 Ground Floor Non Street Facing Shop No 24 to 34	24	DMA/2025-26/AUCTION/4390		04-10-2025 5.00 PM	08-10-2025 10.00AM to 5.00 PM
		25	DMA/2025-26/AUCTION/4391			
		26	DMA/2025-26/AUCTION/4392			
		27	DMA/2025-26/AUCTION/4393			
		28	DMA/2025-26/AUCTION/4394			
		29	DMA/2025-26/AUCTION/4395			
		30	DMA/2025-26/AUCTION/4396			
		31	DMA/2025-26/AUCTION/4397			
		32	DMA/2025-26/AUCTION/4398			
		33	DMA/2025-26/AUCTION/4399			
		34	DMA/2025-26/AUCTION/4400			
4	ಹಳೆ ಬಸ್ ನಿಲ್ದಾಣದ ಮಳಿಗೆ ಸಂಖ್ಯೆ 35 ರಿಂದ 43 Ground Floor Non Street Facing Shop No 35 to 43 ಮಳಿಗೆ ಸಂಖ್ಯೆ 44 First Floor Non Street Facing Shop No 44	35	DMA/2025-26/AUCTION/4401		04-10-2025 5.00 PM	08-10-2025 10.00AM to 5.00 PM
		36	DMA/2025-26/AUCTION/4402			
		37	DMA/2025-26/AUCTION/4403			
		38	DMA/2025-26/AUCTION/4404			
		39	DMA/2025-26/AUCTION/4405			
		40	DMA/2025-26/AUCTION/4406			
		41	DMA/2025-26/AUCTION/4407			
		42	DMA/2025-26/AUCTION/4408			
		43	DMA/2025-26/AUCTION/4409			
		44(PH)	DMA/2025-26/AUCTION/4410			
		44	DMA/2025-26/AUCTION/4411			
• ಮಳಿಗೆ ಸಂಖ್ಯೆ 1 ರಿಂದ 44 ರವರೆಗಿನ ಮಳಿಗೆಗಳ ಒಟ್ಟು ರೂ.92,279-00ಗಳು, 1 ರಿಂದ 22ರವರೆಗಿನ ನಿಗದಿಪಡಿಸಿದ ಠೇವಣಿ ಮೊತ್ತ ರೂ.92,279-00 ಹಾಗೂ ಹೆಚ್ಚಿನ ಬಾಡಿಗೆ ಮೊತ್ತ ರೂ.4,752-00 ಗಳು. • ಮಳಿಗೆ ಸಂಖ್ಯೆ 23ರ ಠೇವಣಿ ಮೊತ್ತ 7,38,235-00 ಹಾಗೂ ಬಾಡಿಗೆ ಮೊತ್ತ 38,016-00 ರೂಗಳು. • ಮಳಿಗೆ ಸಂಖ್ಯೆ 24 ರಿಂದ 43ರ ಠೇವಣಿ ಮೊತ್ತ ರೂ.45,347-00ಗಳು. • ಮಳಿಗೆ ಸಂಖ್ಯೆ 44ರ ಠೇವಣಿ ಮೊತ್ತ 45,65,782-00 ಹಾಗೂ ಬಾಡಿಗೆ ಮೊತ್ತ 4,36,347-00ಗಳು. • ಹೆಚ್ಚಿನ ಮಾಹಿತಿಗಾಗಿ www.turuvekeretown.mrc.gov.in ಹಾಗೂ ಕಚೇರಿಯ ಸಮಯ ಹಾಗೂ ದೂರವಾಣಿ ಸಂಖ್ಯೆ ಸಂಪರ್ಕಿಸಿ ಹೆಚ್ಚಿನ ಮಾಹಿತಿ ಪಡೆಯಬಹುದಾಗಿದೆ.
ಸಹಿ/-
ಮುಖ್ಯಾಧಿಕಾರಿಗಳು
ಪಟ್ಟಣ ಪಂಚಾಯತಿ, ತುರುವೇಕೆರೆ
DIPR/TUM/308/KSMCA/2025-26
